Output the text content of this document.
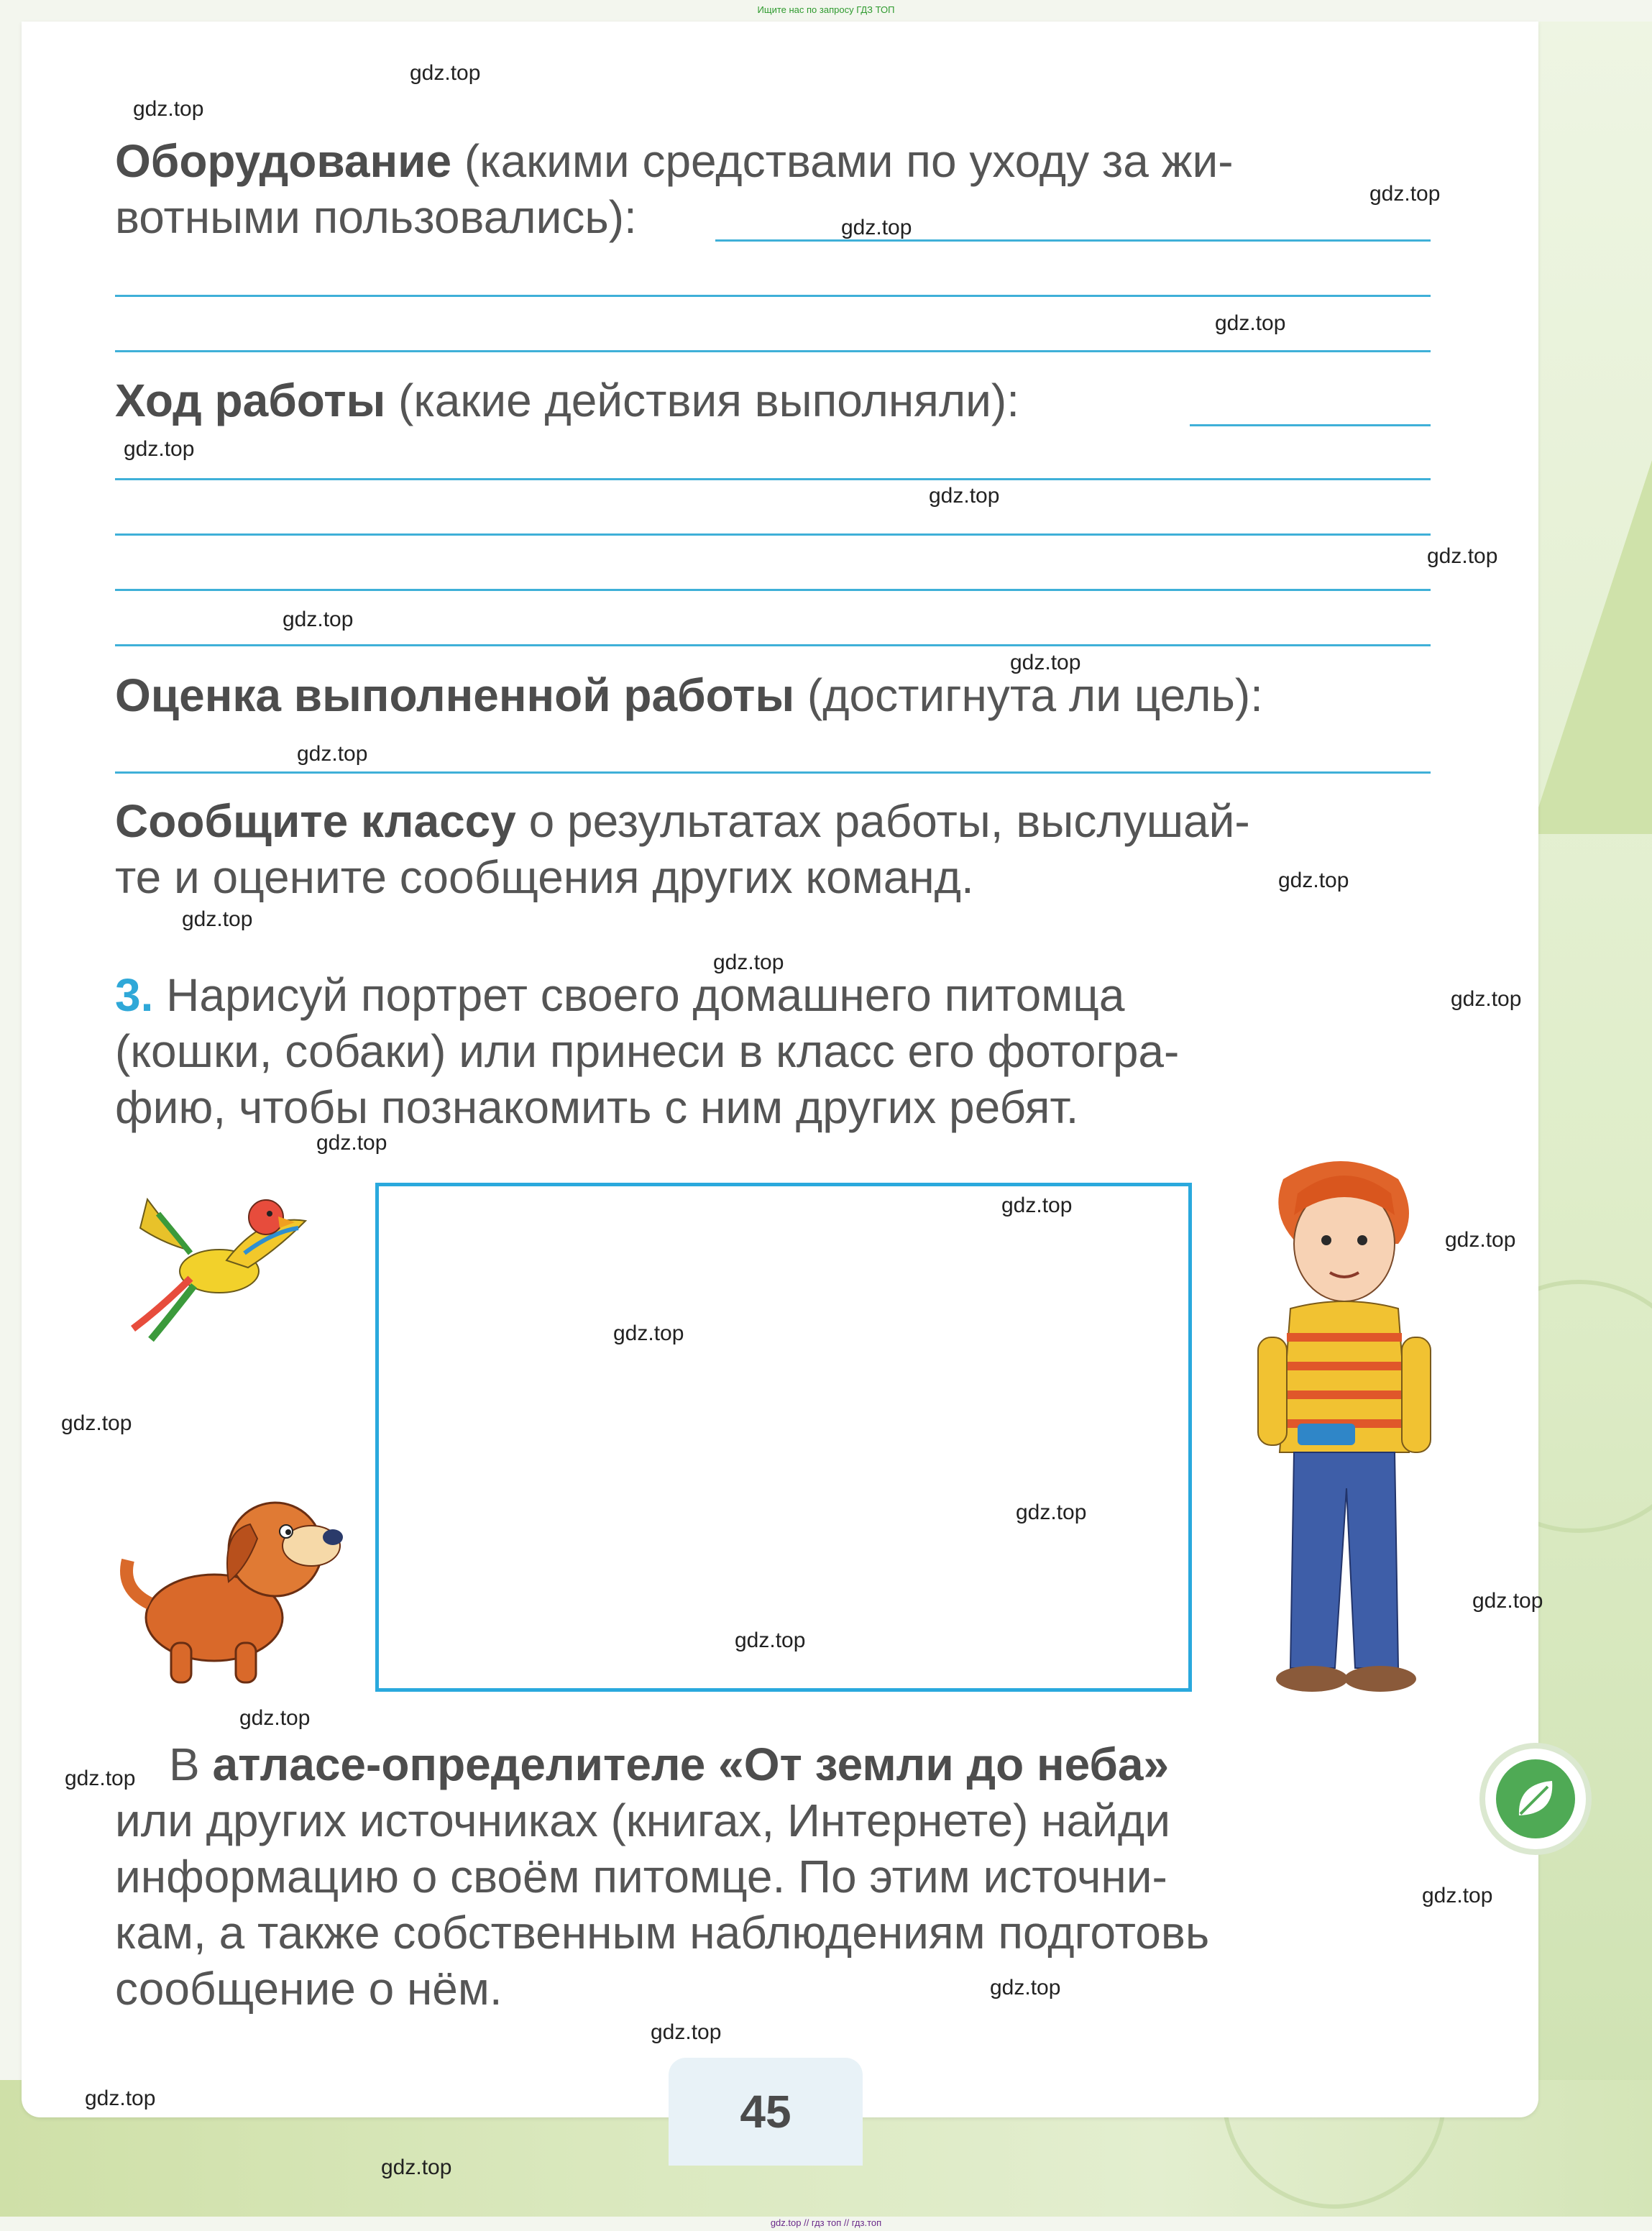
Ищите нас по запросу ГДЗ ТОП
Оборудование (какими средствами по уходу за жи-
вотными пользовались):
Ход работы (какие действия выполняли):
Оценка выполненной работы (достигнута ли цель):
Сообщите классу о результатах работы, выслушай-
те и оцените сообщения других команд.
3. Нарисуй портрет своего домашнего питомца
(кошки, собаки) или принеси в класс его фотогра-
фию, чтобы познакомить с ним других ребят.
В атласе-определителе «От земли до неба»
или других источниках (книгах, Интернете) найди
информацию о своём питомце. По этим источни-
кам, а также собственным наблюдениям подготовь
сообщение о нём.
45
gdz.top
gdz.top
gdz.top
gdz.top
gdz.top
gdz.top
gdz.top
gdz.top
gdz.top
gdz.top
gdz.top
gdz.top
gdz.top
gdz.top
gdz.top
gdz.top
gdz.top
gdz.top
gdz.top
gdz.top
gdz.top
gdz.top
gdz.top
gdz.top
gdz.top
gdz.top
gdz.top
gdz.top
gdz.top
gdz.top
gdz.top // гдз топ // гдз.топ
